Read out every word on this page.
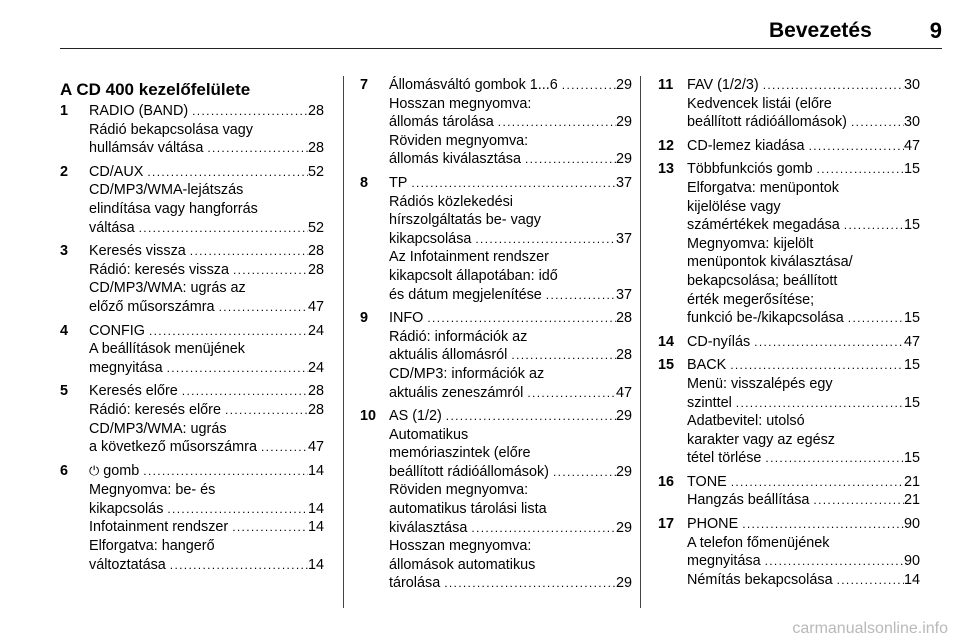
Bevezetés	9
A CD 400 kezelőfelülete
1	RADIO (BAND) . . .	28
Rádió bekapcsolása vagy
hullámsáv váltása . . .	28
2	CD/AUX . . .	52
CD/MP3/WMA-lejátszás
elindítása vagy hangforrás
váltása . . .	52
3	Keresés vissza . . .	28
Rádió: keresés vissza . . .	28
CD/MP3/WMA: ugrás az
előző műsorszámra . . .	47
4	CONFIG . . .	24
A beállítások menüjének
megnyitása . . .	24
5	Keresés előre . . .	28
Rádió: keresés előre . . .	28
CD/MP3/WMA: ugrás
a következő műsorszámra . . .	47
6	⏻
gomb . . .	14
Megnyomva: be- és
kikapcsolás . . .	14
Infotainment rendszer . . .	14
Elforgatva: hangerő
változtatása . . .	14
7	Állomásváltó gombok 1...6 . . .	29
Hosszan megnyomva:
állomás tárolása . . .	29
Röviden megnyomva:
állomás kiválasztása . . .	29
8	TP . . .	37
Rádiós közlekedési
hírszolgáltatás be- vagy
kikapcsolása . . .	37
Az Infotainment rendszer
kikapcsolt állapotában: idő
és dátum megjelenítése . . .	37
9	INFO . . .	28
Rádió: információk az
aktuális állomásról . . .	28
CD/MP3: információk az
aktuális zeneszámról . . .	47
10 AS (1/2) . . .	29
Automatikus
memóriaszintek (előre
beállított rádióállomások) . . .	29
Röviden megnyomva:
automatikus tárolási lista
kiválasztása . . .	29
Hosszan megnyomva:
állomások automatikus
tárolása . . .	29
11 FAV (1/2/3) . . .	30
Kedvencek listái (előre
beállított rádióállomások) . . .	30
12 CD-lemez kiadása . . .	47
13 Többfunkciós gomb . . .	15
Elforgatva: menüpontok
kijelölése vagy
számértékek megadása . . .	15
Megnyomva: kijelölt
menüpontok kiválasztása/
bekapcsolása; beállított
érték megerősítése;
funkció be-/kikapcsolása . . .	15
14 CD-nyílás . . .	47
15 BACK . . .	15
Menü: visszalépés egy
szinttel . . .	15
Adatbevitel: utolsó
karakter vagy az egész
tétel törlése . . .	15
16 TONE . . .	21
Hangzás beállítása . . .	21
17 PHONE . . .	90
A telefon főmenüjének
megnyitása . . .	90
Némítás bekapcsolása . . .	14
carmanualsonline.info
